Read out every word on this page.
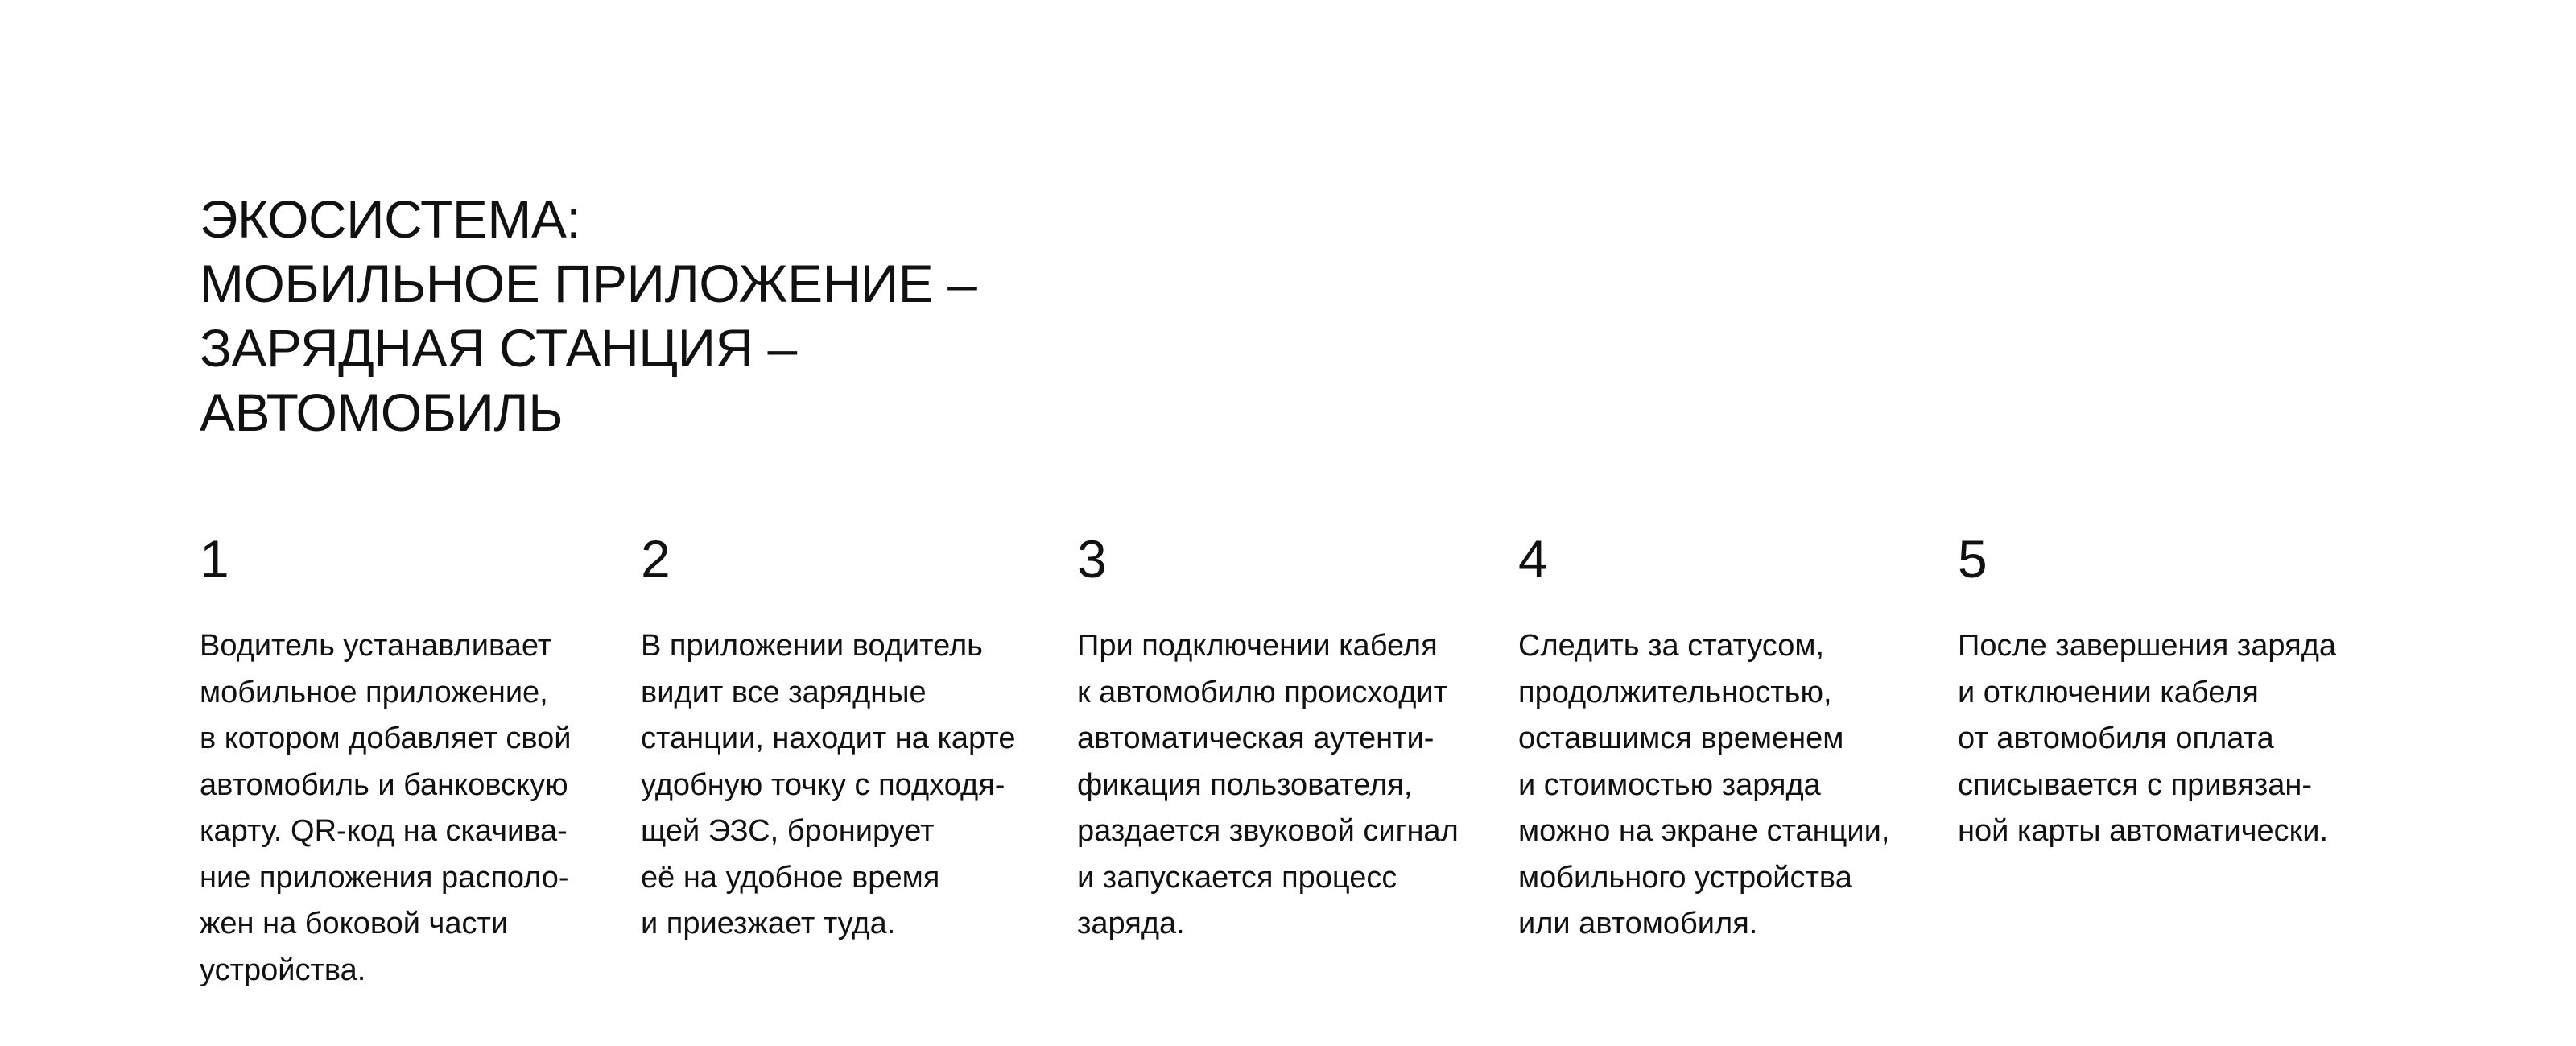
ЭКОСИСТЕМА:
МОБИЛЬНОЕ ПРИЛОЖЕНИЕ –
ЗАРЯДНАЯ СТАНЦИЯ –
АВТОМОБИЛЬ
1
Водитель устанавливает
мобильное приложение,
в котором добавляет свой
автомобиль и банковскую
карту. QR-код на скачива-
ние приложения располо-
жен на боковой части
устройства.
2
В приложении водитель
видит все зарядные
станции, находит на карте
удобную точку с подходя-
щей ЭЗС, бронирует
её на удобное время
и приезжает туда.
3
При подключении кабеля
к автомобилю происходит
автоматическая аутенти-
фикация пользователя,
раздается звуковой сигнал
и запускается процесс
заряда.
4
Следить за статусом,
продолжительностью,
оставшимся временем
и стоимостью заряда
можно на экране станции,
мобильного устройства
или автомобиля.
5
После завершения заряда
и отключении кабеля
от автомобиля оплата
списывается с привязан-
ной карты автоматически.
